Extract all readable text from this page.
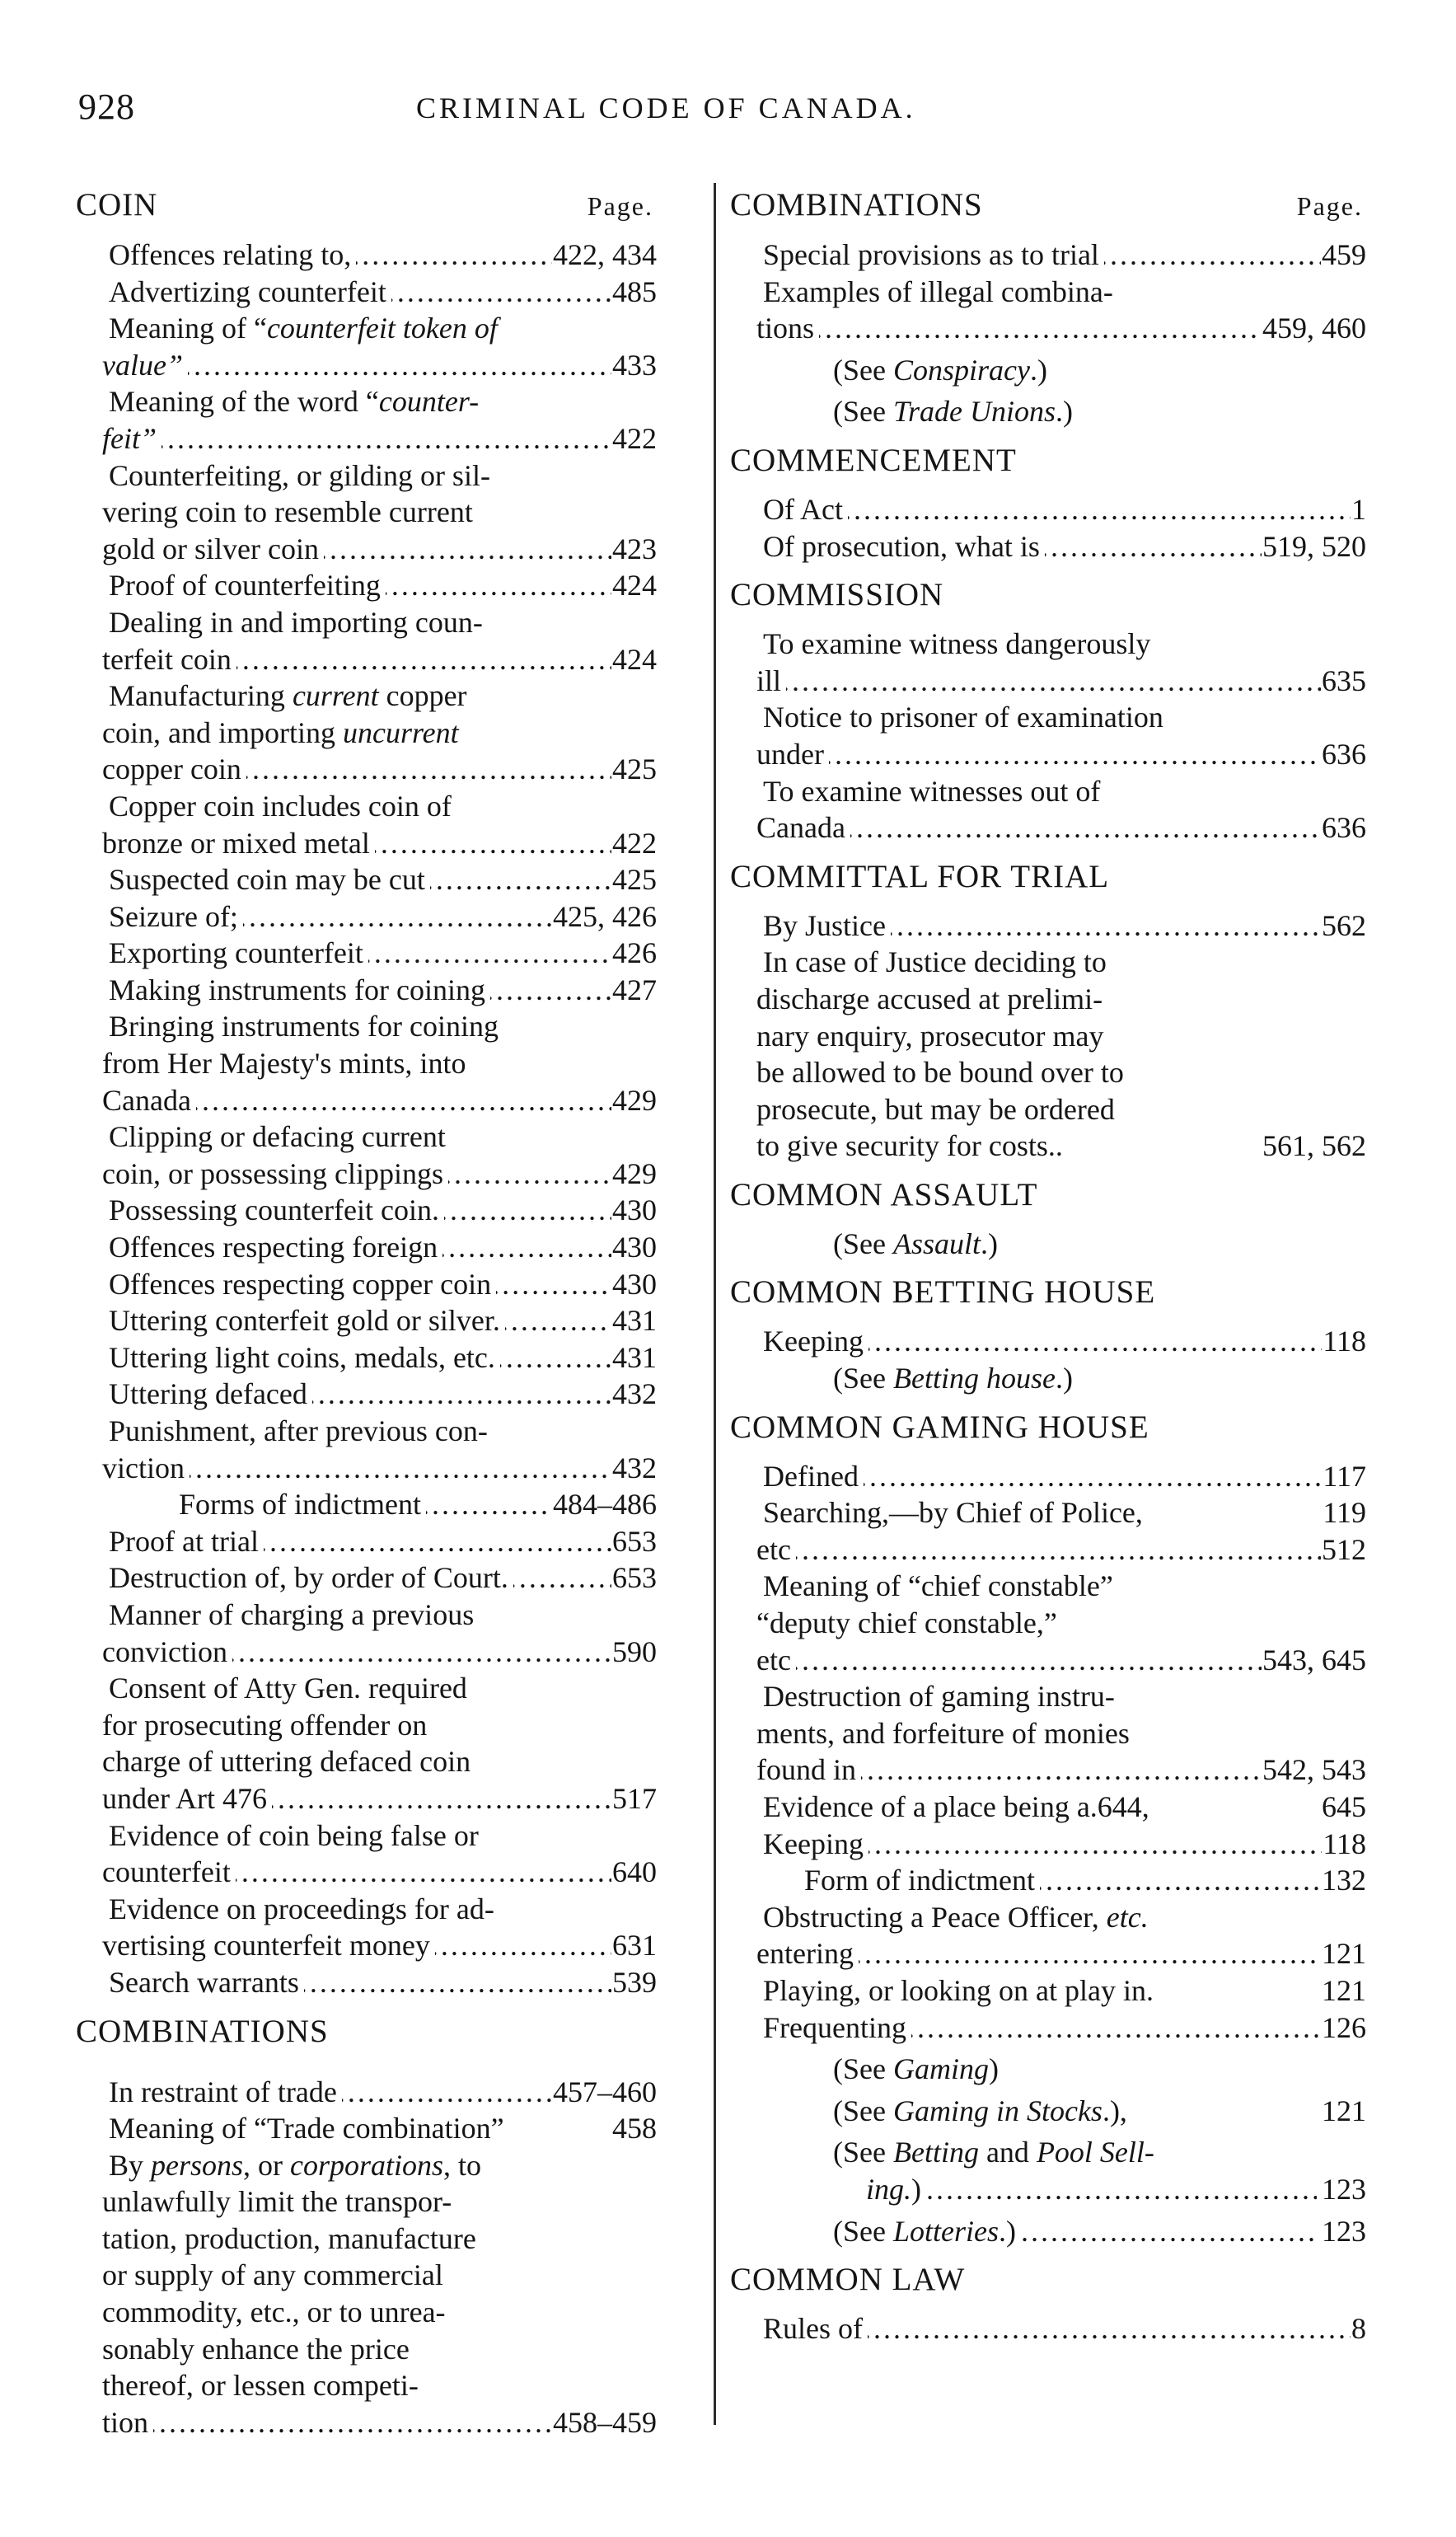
928	CRIMINAL CODE OF CANADA.
COIN	Page.
Offences relating to, .....	422, 434
Advertizing counterfeit .....	485
Meaning of “counterfeit token of
value” .....	433
Meaning of the word “counter-
feit” .....	422
Counterfeiting, or gilding or sil-
vering coin to resemble current
gold or silver coin .....	423
Proof of counterfeiting .....	424
Dealing in and importing coun-
terfeit coin .....	424
Manufacturing current copper
coin, and importing uncurrent
copper coin .....	425
Copper coin includes coin of
bronze or mixed metal .....	422
Suspected coin may be cut .....	425
Seizure of; .....	425, 426
Exporting counterfeit .....	426
Making instruments for coining .....	427
Bringing instruments for coining
from Her Majesty's mints, into
Canada .....	429
Clipping or defacing current
coin, or possessing clippings .....	429
Possessing counterfeit coin. .....	430
Offences respecting foreign .....	430
Offences respecting copper coin .....	430
Uttering conterfeit gold or silver. .....	431
Uttering light coins, medals, etc. .....	431
Uttering defaced .....	432
Punishment, after previous con-
viction .....	432
Forms of indictment .....	484–486
Proof at trial .....	653
Destruction of, by order of Court. .....	653
Manner of charging a previous
conviction .....	590
Consent of Atty Gen. required
for prosecuting offender on
charge of uttering defaced coin
under Art 476 .....	517
Evidence of coin being false or
counterfeit .....	640
Evidence on proceedings for ad-
vertising counterfeit money .....	631
Search warrants .....	539
COMBINATIONS
In restraint of trade .....	457–460
Meaning of “Trade combination”	458
By persons, or corporations, to
unlawfully limit the transpor-
tation, production, manufacture
or supply of any commercial
commodity, etc., or to unrea-
sonably enhance the price
thereof, or lessen competi-
tion .....	458–459
COMBINATIONS	Page.
Special provisions as to trial .....	459
Examples of illegal combina-
tions .....	459, 460
(See Conspiracy.)
(See Trade Unions.)
COMMENCEMENT
Of Act .....	1
Of prosecution, what is .....	519, 520
COMMISSION
To examine witness dangerously
ill .....	635
Notice to prisoner of examination
under .....	636
To examine witnesses out of
Canada .....	636
COMMITTAL FOR TRIAL
By Justice .....	562
In case of Justice deciding to
discharge accused at prelimi-
nary enquiry, prosecutor may
be allowed to be bound over to
prosecute, but may be ordered
to give security for costs..	561, 562
COMMON ASSAULT
(See Assault.)
COMMON BETTING HOUSE
Keeping .....	118
(See Betting house.)
COMMON GAMING HOUSE
Defined .....	117
Searching,—by Chief of Police,	119
etc .....	512
Meaning of “chief constable”
“deputy chief constable,”
etc .....	543, 645
Destruction of gaming instru-
ments, and forfeiture of monies
found in .....	542, 543
Evidence of a place being a.644,	645
Keeping .....	118
Form of indictment .....	132
Obstructing a Peace Officer, etc.
entering .....	121
Playing, or looking on at play in.	121
Frequenting .....	126
(See Gaming)
(See Gaming in Stocks.),	121
(See Betting and Pool Sell-
ing.) .....	123
(See Lotteries.) .....	123
COMMON LAW
Rules of .....	8
